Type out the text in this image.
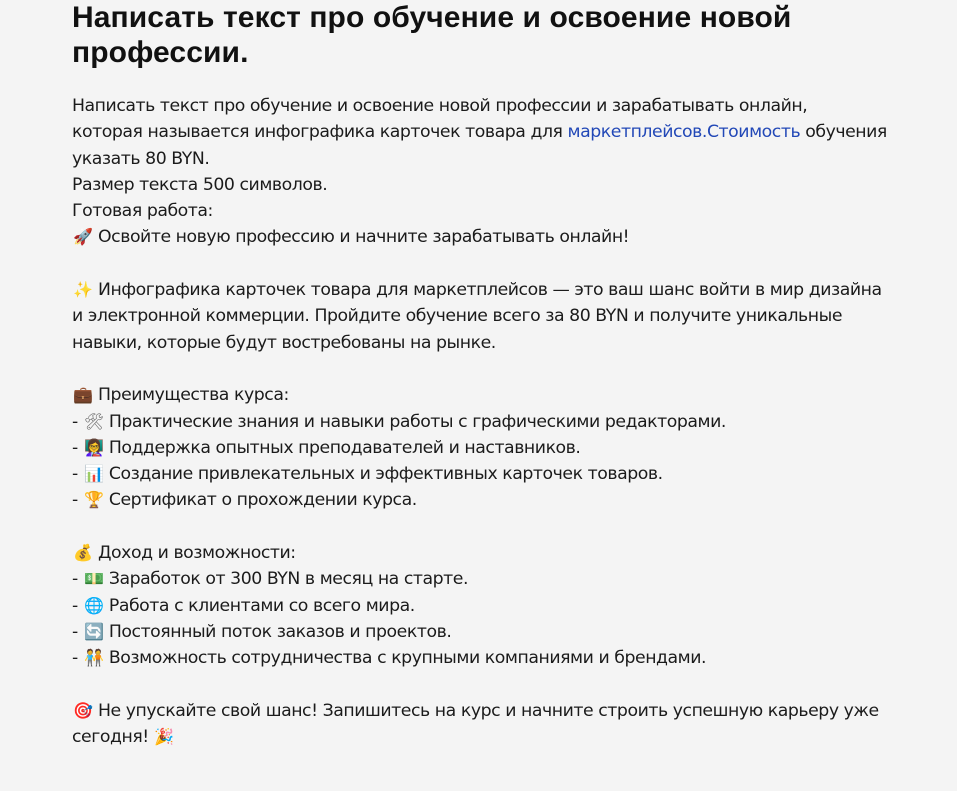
Написать текст про обучение и освоение новой профессии.
Написать текст про обучение и освоение новой профессии и зарабатывать онлайн,
которая называется инфографика карточек товара для маркетплейсов.Стоимость обучения
указать 80 BYN.
Размер текста 500 символов.
Готовая работа:
🚀 Освойте новую профессию и начните зарабатывать онлайн!
✨ Инфографика карточек товара для маркетплейсов — это ваш шанс войти в мир дизайна
и электронной коммерции. Пройдите обучение всего за 80 BYN и получите уникальные
навыки, которые будут востребованы на рынке.
💼 Преимущества курса:
- 🛠 Практические знания и навыки работы с графическими редакторами.
- 👩‍🏫 Поддержка опытных преподавателей и наставников.
- 📊 Создание привлекательных и эффективных карточек товаров.
- 🏆 Сертификат о прохождении курса.
💰 Доход и возможности:
- 💵 Заработок от 300 BYN в месяц на старте.
- 🌐 Работа с клиентами со всего мира.
- 🔄 Постоянный поток заказов и проектов.
- 🧑‍🤝‍🧑 Возможность сотрудничества с крупными компаниями и брендами.
🎯 Не упускайте свой шанс! Запишитесь на курс и начните строить успешную карьеру уже
сегодня! 🎉
